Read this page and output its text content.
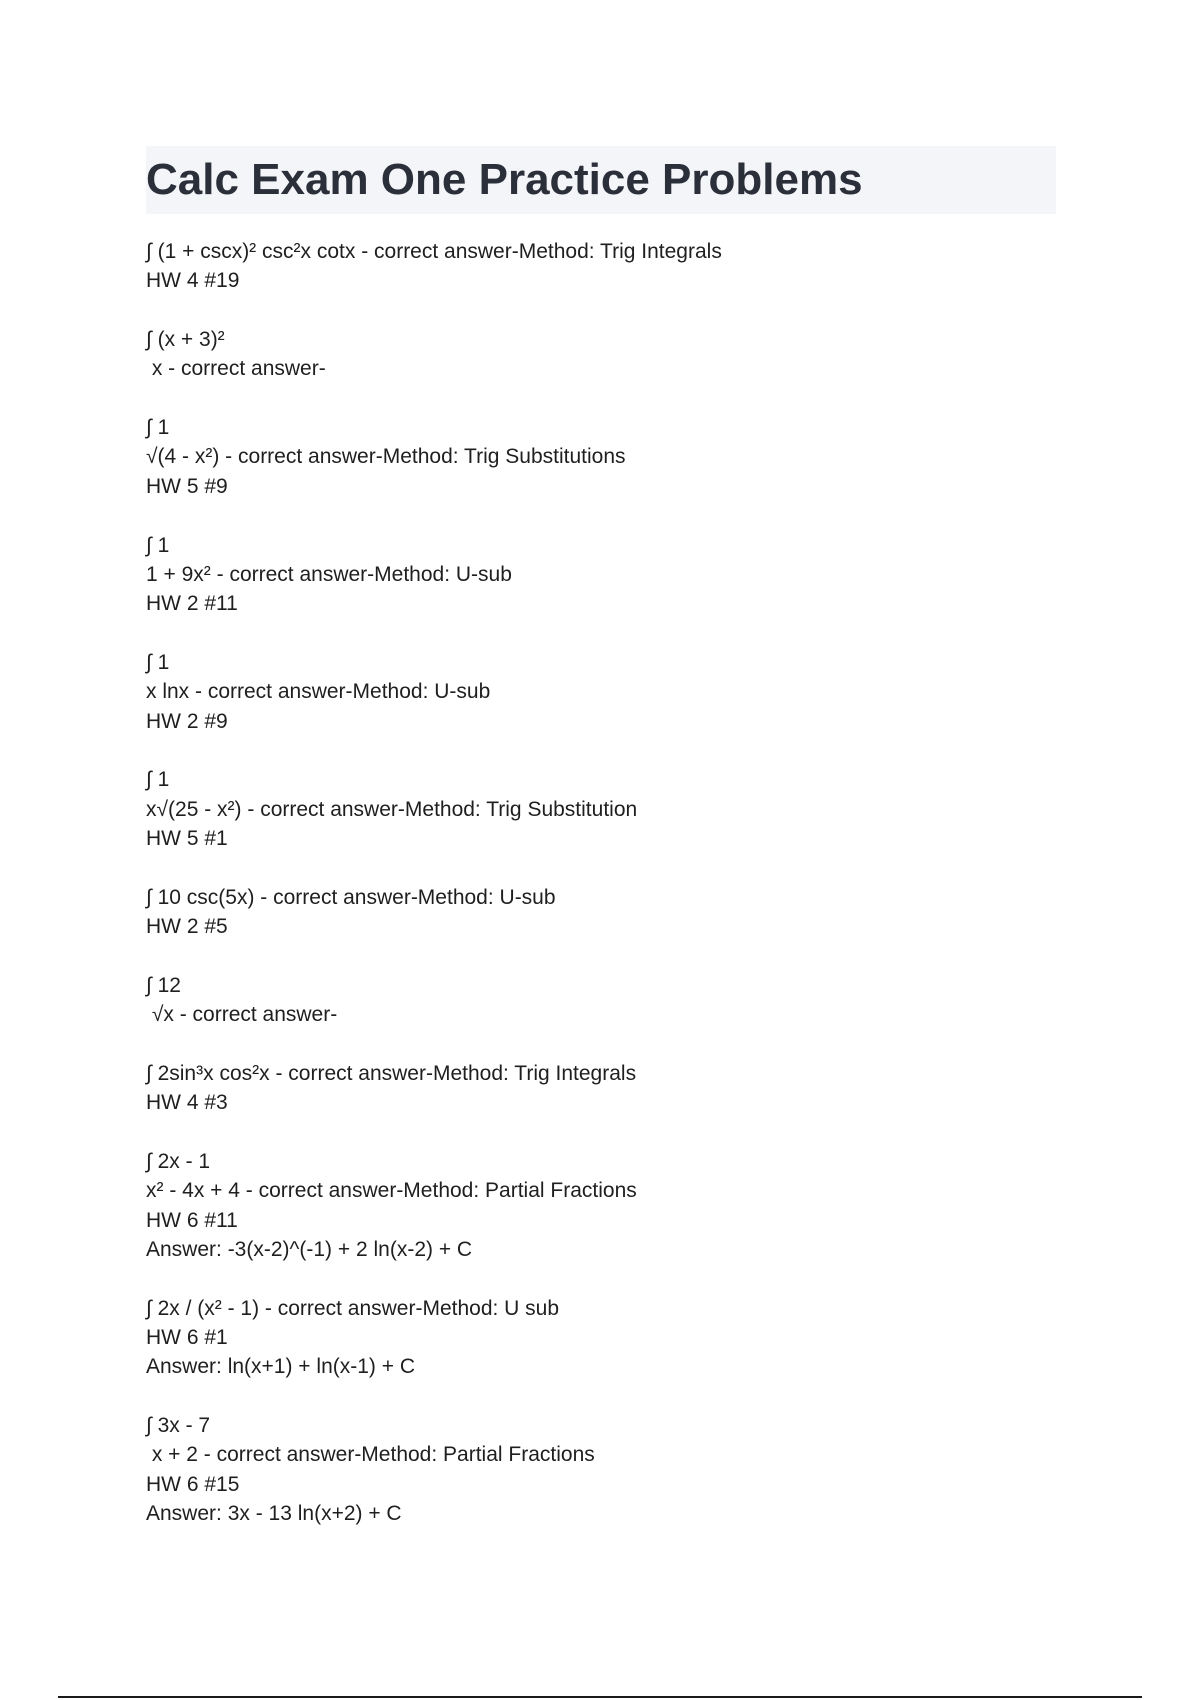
Calc Exam One Practice Problems
∫ (1 + cscx)² csc²x cotx - correct answer-Method: Trig Integrals
HW 4 #19
∫ (x + 3)²
x - correct answer-
∫ 1
√(4 - x²) - correct answer-Method: Trig Substitutions
HW 5 #9
∫ 1
1 + 9x² - correct answer-Method: U-sub
HW 2 #11
∫ 1
x lnx - correct answer-Method: U-sub
HW 2 #9
∫ 1
x√(25 - x²) - correct answer-Method: Trig Substitution
HW 5 #1
∫ 10 csc(5x) - correct answer-Method: U-sub
HW 2 #5
∫ 12
√x - correct answer-
∫ 2sin³x cos²x - correct answer-Method: Trig Integrals
HW 4 #3
∫ 2x - 1
x² - 4x + 4 - correct answer-Method: Partial Fractions
HW 6 #11
Answer: -3(x-2)^(-1) + 2 ln(x-2) + C
∫ 2x / (x² - 1) - correct answer-Method: U sub
HW 6 #1
Answer: ln(x+1) + ln(x-1) + C
∫ 3x - 7
x + 2 - correct answer-Method: Partial Fractions
HW 6 #15
Answer: 3x - 13 ln(x+2) + C
